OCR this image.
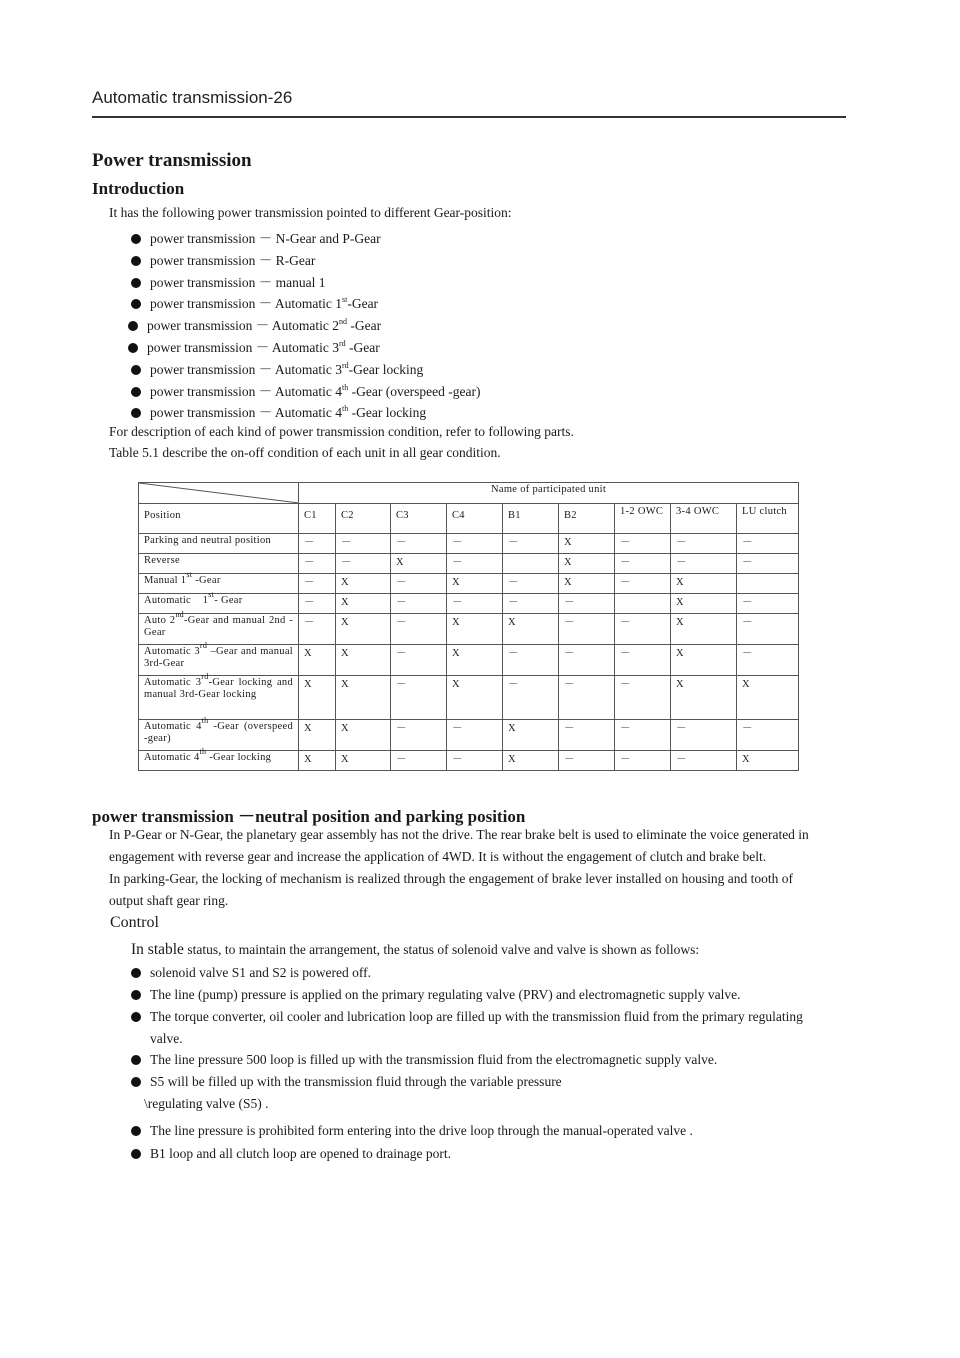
Automatic transmission-26
Power transmission
Introduction
It has the following power transmission pointed to different Gear-position:
power transmission － N-Gear and P-Gear
power transmission － R-Gear
power transmission － manual 1
power transmission － Automatic 1st-Gear
power transmission － Automatic 2nd -Gear
power transmission － Automatic 3rd -Gear
power transmission － Automatic 3rd-Gear locking
power transmission － Automatic 4th -Gear (overspeed -gear)
power transmission － Automatic 4th -Gear locking
For description of each kind of power transmission condition, refer to following parts.
Table 5.1 describe the on-off condition of each unit in all gear condition.
	Name of participated unit								
Position	C1	C2	C3	C4	B1	B2	1-2 OWC	3-4 OWC	LU clutch
Parking and neutral position	－	－	－	－	－	X	－	－	－
Reverse	－	－	X	－		X	－	－	－
Manual 1st -Gear	－	X	－	X	－	X	－	X	
Automatic    1st- Gear	－	X	－	－	－	－		X	－
Auto 2nd-Gear and manual 2nd -Gear	－	X	－	X	X	－	－	X	－
Automatic 3rd –Gear and manual 3rd-Gear	X	X	－	X	－	－	－	X	－
Automatic 3rd-Gear locking and manual 3rd-Gear locking	X	X	－	X	－	－	－	X	X
Automatic 4th -Gear (overspeed -gear)	X	X	－	－	X	－	－	－	－
Automatic 4th -Gear locking	X	X	－	－	X	－	－	－	X
power transmission －neutral position and parking position
In P-Gear or N-Gear, the planetary gear assembly has not the drive. The rear brake belt is used to eliminate the voice generated in
engagement with reverse gear and increase the application of 4WD. It is without the engagement of clutch and brake belt.
In parking-Gear, the locking of mechanism is realized through the engagement of brake lever installed on housing and tooth of
output shaft gear ring.
Control
In stable status, to maintain the arrangement, the status of solenoid valve and valve is shown as follows:
solenoid valve S1 and S2 is powered off.
The line (pump) pressure is applied on the primary regulating valve (PRV) and electromagnetic supply valve.
The torque converter, oil cooler and lubrication loop are filled up with the transmission fluid from the primary regulating
valve.
The line pressure 500 loop is filled up with the transmission fluid from the electromagnetic supply valve.
S5 will be filled up with the transmission fluid through the variable pressure
\regulating valve (S5) .
The line pressure is prohibited form entering into the drive loop through the manual-operated valve .
B1 loop and all clutch loop are opened to drainage port.
